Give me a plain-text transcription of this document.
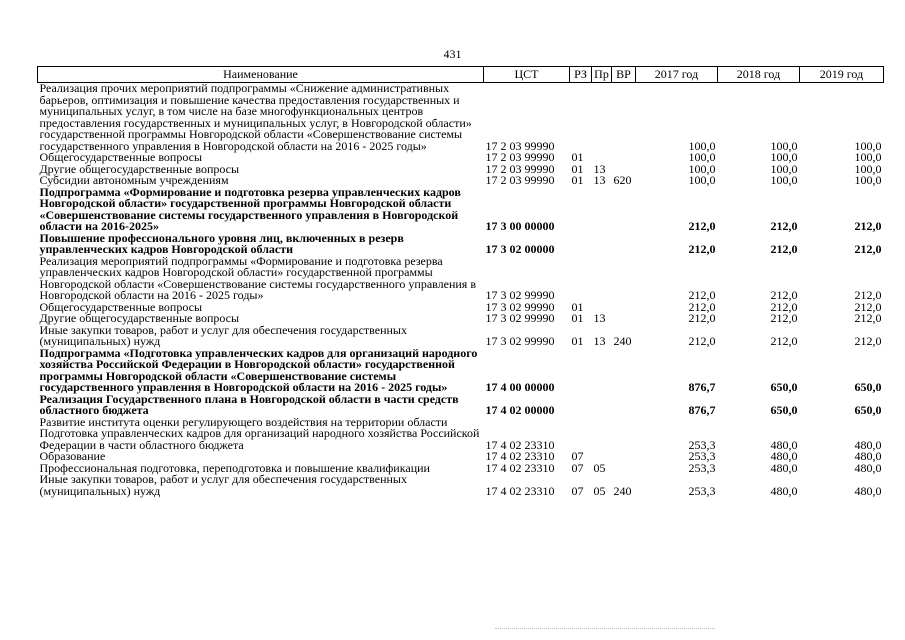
431
Наименование	ЦСТ	РЗ	Пр	ВР	2017 год	2018 год	2019 год
Реализация прочих мероприятий подпрограммы «Снижение административных барьеров, оптимизация и повышение качества предоставления государственных и муниципальных услуг, в том числе на базе многофункциональных центров предоставления государственных и муниципальных услуг, в Новгородской области» государственной программы Новгородской области «Совершенствование системы государственного управления в Новгородской области на 2016 - 2025 годы»	17 2 03 99990				100,0	100,0	100,0
Общегосударственные вопросы	17 2 03 99990	01			100,0	100,0	100,0
Другие общегосударственные вопросы	17 2 03 99990	01	13		100,0	100,0	100,0
Субсидии автономным учреждениям	17 2 03 99990	01	13	620	100,0	100,0	100,0
Подпрограмма «Формирование и подготовка резерва управленческих кадров Новгородской области» государственной программы Новгородской области «Совершенствование системы государственного управления в Новгородской области на 2016-2025»	17 3 00 00000				212,0	212,0	212,0
Повышение профессионального уровня лиц, включенных в резерв управленческих кадров Новгородской области	17 3 02 00000				212,0	212,0	212,0
Реализация мероприятий подпрограммы «Формирование и подготовка резерва управленческих кадров Новгородской области» государственной программы Новгородской области «Совершенствование системы государственного управления в Новгородской области на 2016 - 2025 годы»	17 3 02 99990				212,0	212,0	212,0
Общегосударственные вопросы	17 3 02 99990	01			212,0	212,0	212,0
Другие общегосударственные вопросы	17 3 02 99990	01	13		212,0	212,0	212,0
Иные закупки товаров, работ и услуг для обеспечения государственных (муниципальных) нужд	17 3 02 99990	01	13	240	212,0	212,0	212,0
Подпрограмма «Подготовка управленческих кадров для организаций народного хозяйства Российской Федерации в Новгородской области» государственной программы Новгородской области «Совершенствование системы государственного управления в Новгородской области на 2016 - 2025 годы»	17 4 00 00000				876,7	650,0	650,0
Реализация Государственного плана в Новгородской области в части средств областного бюджета	17 4 02 00000				876,7	650,0	650,0
Развитие института оценки регулирующего воздействия на территории области Подготовка управленческих кадров для организаций народного хозяйства Российской Федерации в части областного бюджета	17 4 02 23310				253,3	480,0	480,0
Образование	17 4 02 23310	07			253,3	480,0	480,0
Профессиональная подготовка, переподготовка и повышение квалификации	17 4 02 23310	07	05		253,3	480,0	480,0
Иные закупки товаров, работ и услуг для обеспечения государственных (муниципальных) нужд	17 4 02 23310	07	05	240	253,3	480,0	480,0
